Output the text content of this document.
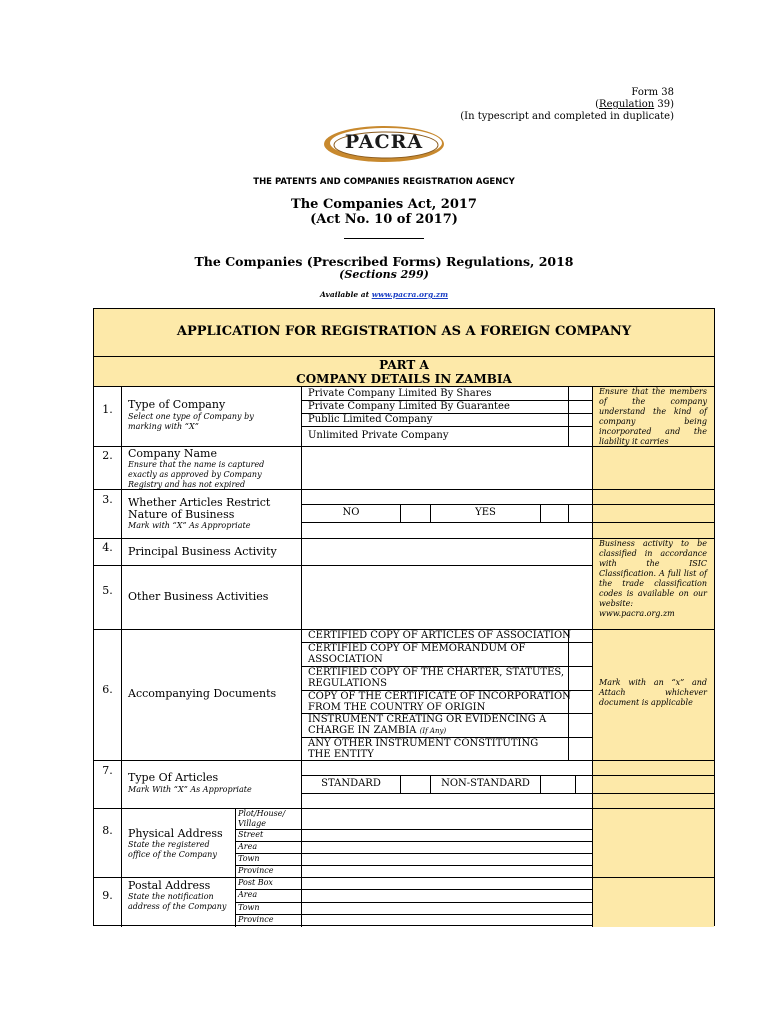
Form 38
(Regulation 39)
(In typescript and completed in duplicate)
PACRA
THE PATENTS AND COMPANIES REGISTRATION AGENCY
The Companies Act, 2017
(Act No. 10 of 2017)
The Companies (Prescribed Forms) Regulations, 2018
(Sections 299)
Available at www.pacra.org.zm
APPLICATION FOR REGISTRATION AS A FOREIGN COMPANY
PART A
COMPANY DETAILS IN ZAMBIA
1.	Type of Company
Select one type of Company by marking with “X”
Private Company Limited By Shares
Private Company Limited By Guarantee
Public Limited Company
Unlimited Private Company
Ensure that the members of the company understand the kind of company being incorporated and the liability it carries
2.	Company Name
Ensure that the name is captured exactly as approved by Company Registry and has not expired
3.	Whether Articles Restrict Nature of Business
Mark with “X” As Appropriate
NO	YES
4.	Principal Business Activity
5.	Other Business Activities
Business activity to be classified in accordance with the ISIC Classification. A full list of the trade classification codes is available on our website: www.pacra.org.zm
6.	Accompanying Documents
CERTIFIED COPY OF ARTICLES OF ASSOCIATION
CERTIFIED COPY OF MEMORANDUM OF ASSOCIATION
CERTIFIED COPY OF THE CHARTER, STATUTES, REGULATIONS
COPY OF THE CERTIFICATE OF INCORPORATION FROM THE COUNTRY OF ORIGIN
INSTRUMENT CREATING OR EVIDENCING A CHARGE IN ZAMBIA (If Any)
ANY OTHER INSTRUMENT CONSTITUTING THE ENTITY
Mark with an “x” and Attach whichever document is applicable
7.
Type Of Articles
Mark With “X” As Appropriate
STANDARD	NON-STANDARD
8.	Physical Address
State the registered office of the Company
Plot/House/ Village
Street
Area
Town
Province
9.
Postal Address
State the notification address of the Company
Post Box
Area
Town
Province
